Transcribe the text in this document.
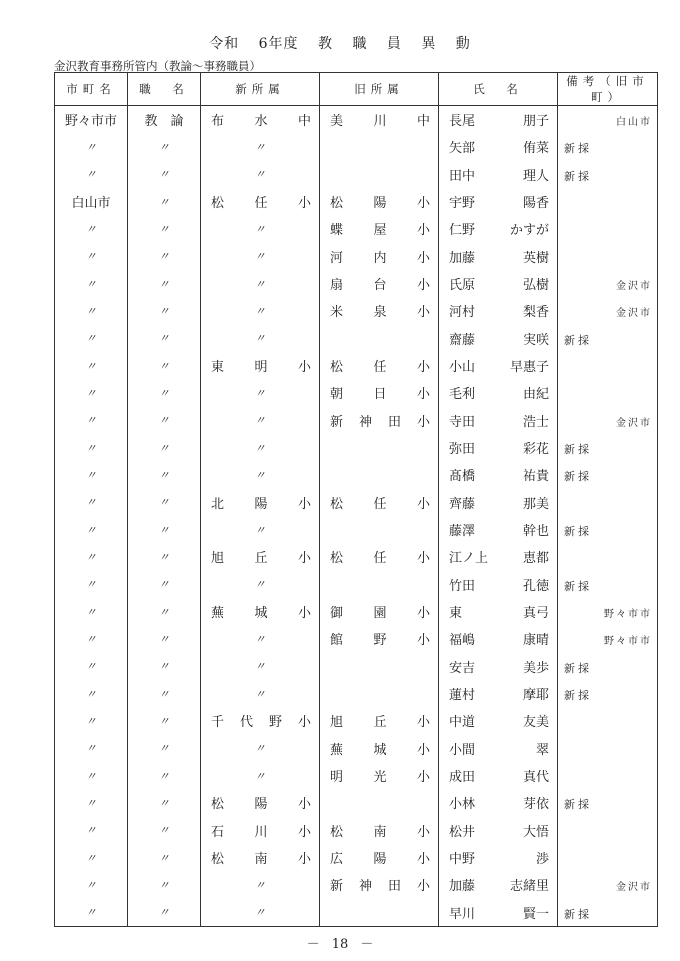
令和 6年度 教 職 員 異 動
金沢教育事務所管内（教論～事務職員）
市町名	職　名	新所属	旧所属	氏　名	備考（旧市町）
野々市市	教　論	布 水 中	美 川 中	長尾 朋子	白山市

〃	〃	〃		矢部 侑菜	新採

〃	〃	〃		田中 理人	新採

白山市	〃	松 任 小	松 陽 小	宇野 陽香	

〃	〃	〃	蝶 屋 小	仁野 かすが	

〃	〃	〃	河 内 小	加藤 英樹	

〃	〃	〃	扇 台 小	氏原 弘樹	金沢市

〃	〃	〃	米 泉 小	河村 梨香	金沢市

〃	〃	〃		齋藤 実咲	新採

〃	〃	東 明 小	松 任 小	小山 早惠子	

〃	〃	〃	朝 日 小	毛利 由紀	

〃	〃	〃	新 神 田 小	寺田 浩士	金沢市

〃	〃	〃		弥田 彩花	新採

〃	〃	〃		髙橋 祐貴	新採

〃	〃	北 陽 小	松 任 小	齊藤 那美	

〃	〃	〃		藤澤 幹也	新採

〃	〃	旭 丘 小	松 任 小	江ノ上 恵都	

〃	〃	〃		竹田 孔徳	新採

〃	〃	蕪 城 小	御 園 小	東 真弓	野々市市

〃	〃	〃	館 野 小	福嶋 康晴	野々市市

〃	〃	〃		安吉 美歩	新採

〃	〃	〃		蓮村 摩耶	新採

〃	〃	千 代 野 小	旭 丘 小	中道 友美	

〃	〃	〃	蕪 城 小	小間 翠	

〃	〃	〃	明 光 小	成田 真代	

〃	〃	松 陽 小		小林 芽依	新採

〃	〃	石 川 小	松 南 小	松井 大悟	

〃	〃	松 南 小	広 陽 小	中野 渉	

〃	〃	〃	新 神 田 小	加藤 志緒里	金沢市

〃	〃	〃		早川 賢一	新採
－ 18 －
